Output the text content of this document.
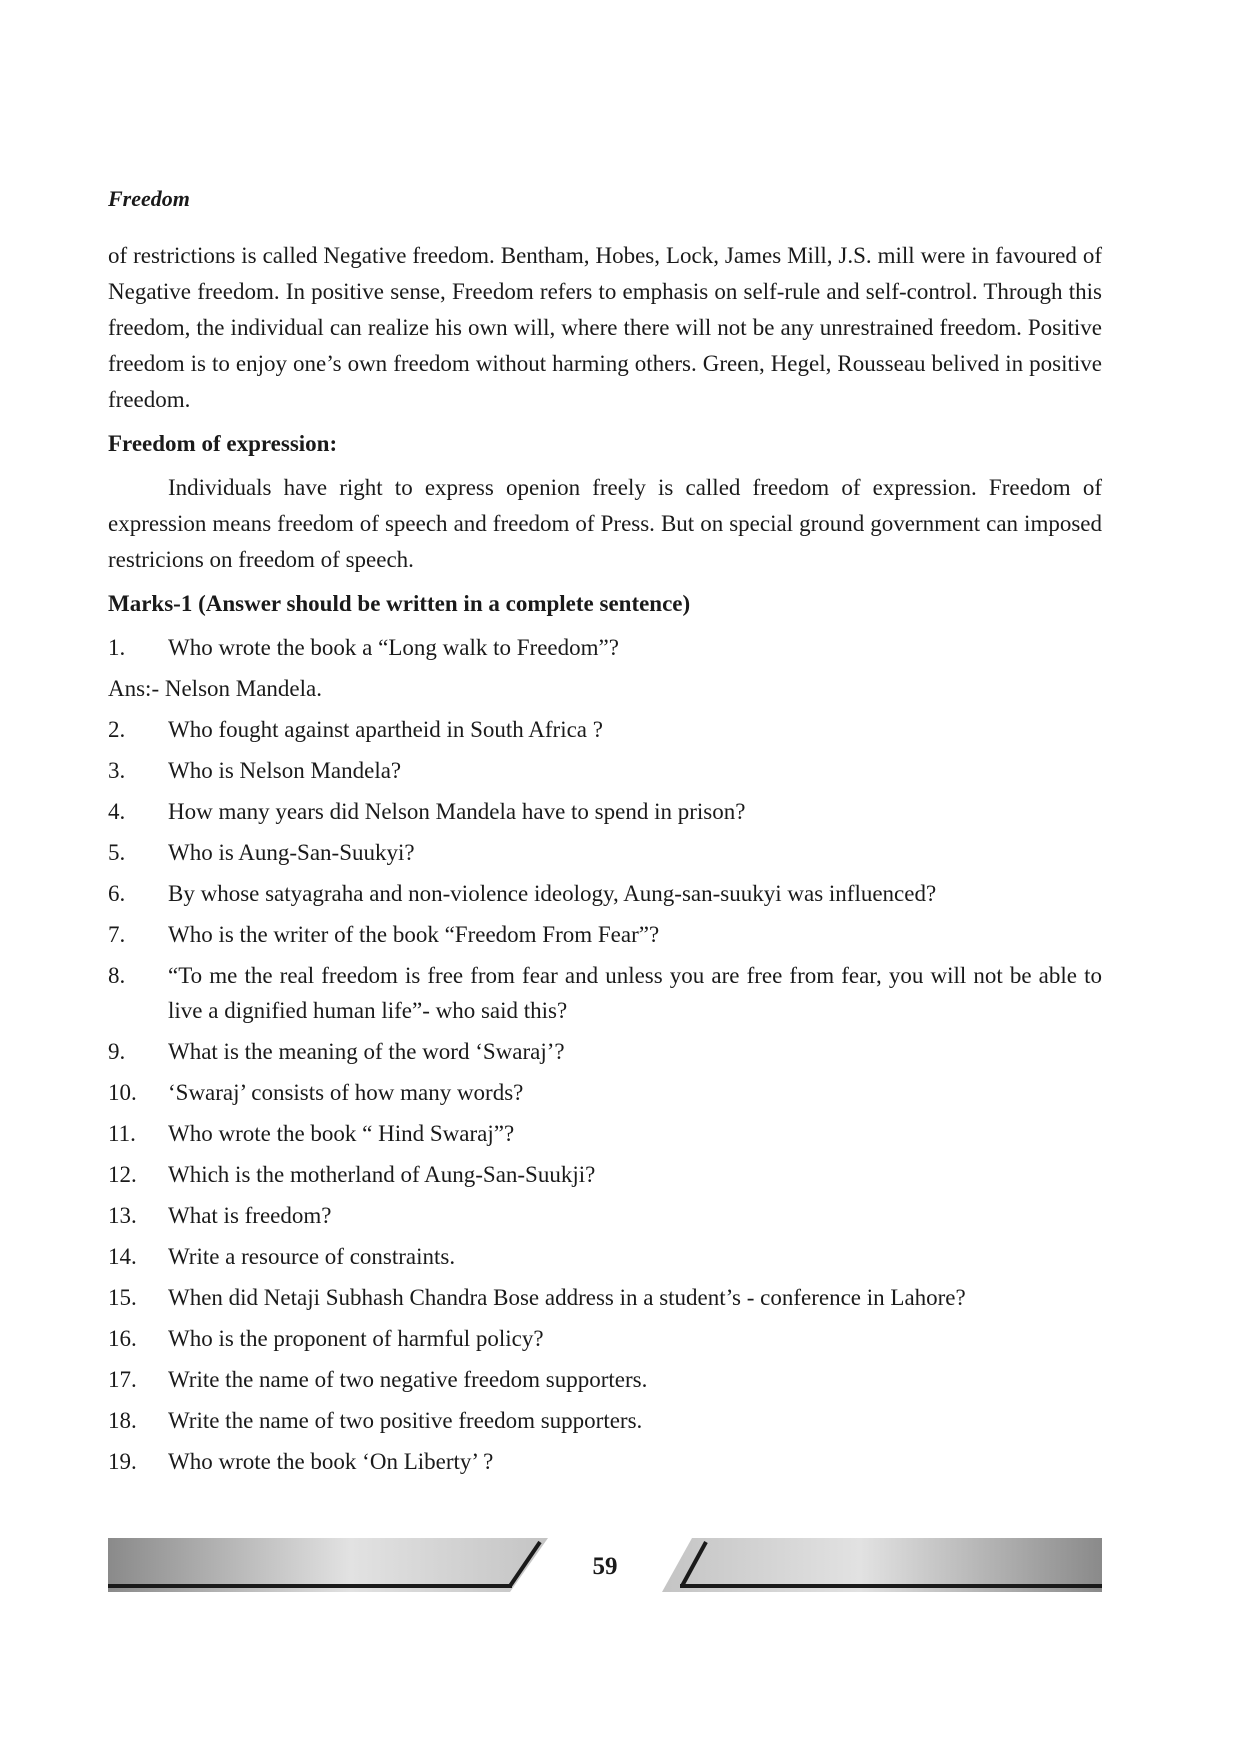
Freedom

of restrictions is called Negative freedom. Bentham, Hobes, Lock, James Mill, J.S. mill were in favoured of Negative freedom. In positive sense, Freedom refers to emphasis on self-rule and self-control. Through this freedom, the individual can realize his own will, where there will not be any unrestrained freedom. Positive freedom is to enjoy one’s own freedom without harming others. Green, Hegel, Rousseau belived in positive freedom.

Freedom of expression:

Individuals have right to express openion freely is called freedom of expression. Freedom of expression means freedom of speech and freedom of Press. But on special ground government can imposed restricions on freedom of speech.

Marks-1 (Answer should be written in a complete sentence)
1.	Who wrote the book a “Long walk to Freedom”?
Ans:- Nelson Mandela.
2.	Who fought against apartheid in South Africa ?
3.	Who is Nelson Mandela?
4.	How many years did Nelson Mandela have to spend in prison?
5.	Who is Aung-San-Suukyi?
6.	By whose satyagraha and non-violence ideology, Aung-san-suukyi was influenced?
7.	Who is the writer of the book “Freedom From Fear”?
8.	“To me the real freedom is free from fear and unless you are free from fear, you will not be able to live a dignified human life”- who said this?
9.	What is the meaning of the word ‘Swaraj’?
10.	‘Swaraj’ consists of how many words?
11.	Who wrote the book “ Hind Swaraj”?
12.	Which is the motherland of Aung-San-Suukji?
13.	What is freedom?
14.	Write a resource of constraints.
15.	When did Netaji Subhash Chandra Bose address in a student’s - conference in Lahore?
16.	Who is the proponent of harmful policy?
17.	Write the name of two negative freedom supporters.
18.	Write the name of two positive freedom supporters.
19.	Who wrote the book ‘On Liberty’ ?
59
